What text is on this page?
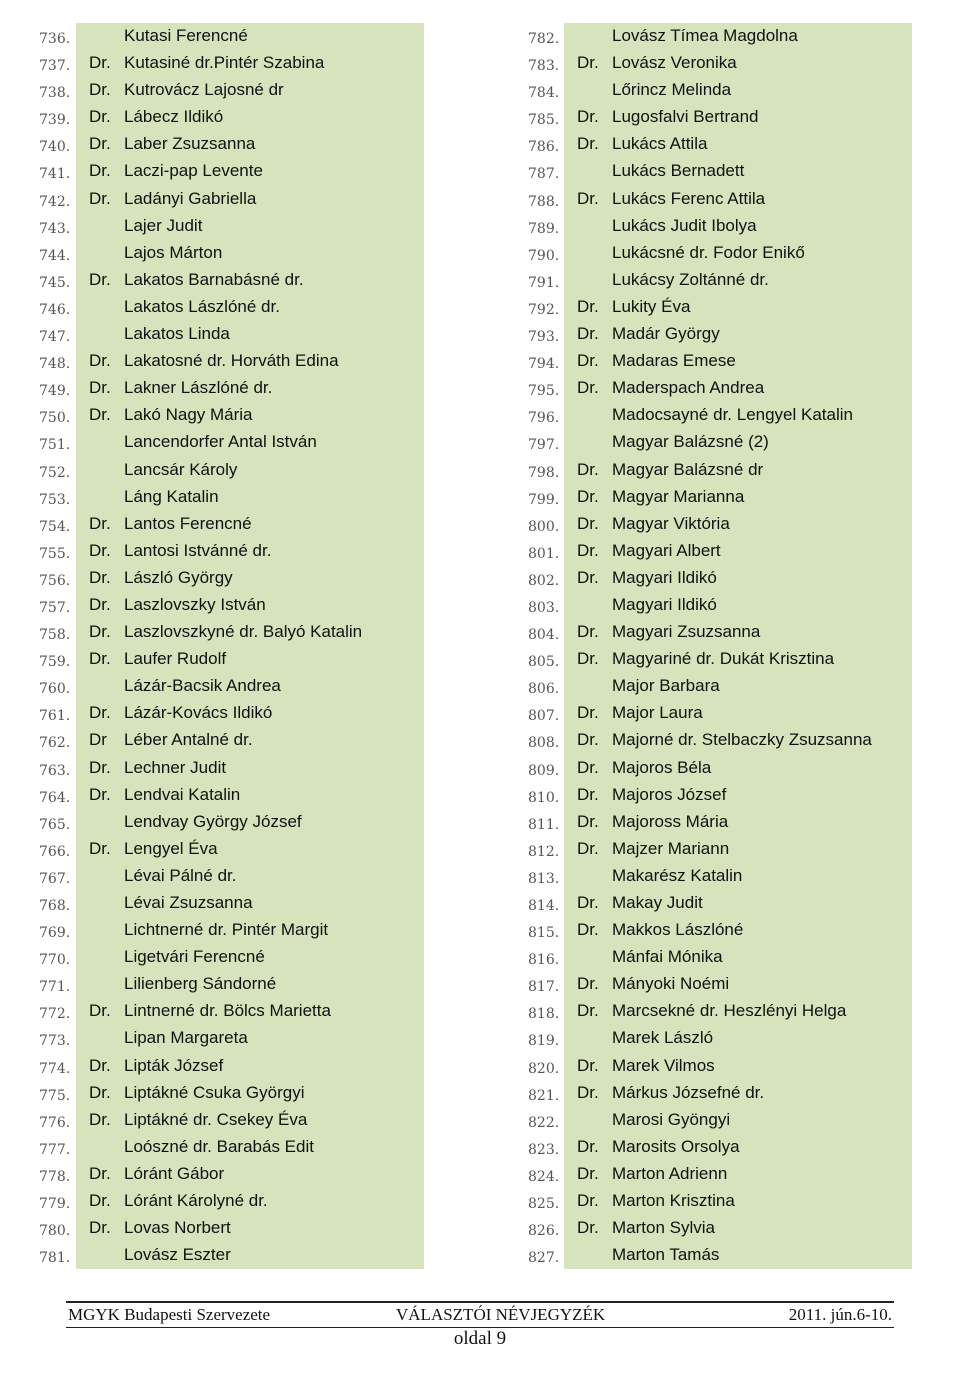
736.	Kutasi Ferencné
737. Dr. Kutasiné dr.Pintér Szabina
738. Dr. Kutrovácz Lajosné dr
739. Dr. Lábecz Ildikó
740. Dr. Laber Zsuzsanna
741. Dr. Laczi-pap Levente
742. Dr. Ladányi Gabriella
743.	Lajer Judit
744.	Lajos Márton
745. Dr. Lakatos Barnabásné dr.
746.	Lakatos Lászlóné dr.
747.	Lakatos Linda
748. Dr. Lakatosné dr. Horváth Edina
749. Dr. Lakner Lászlóné dr.
750. Dr. Lakó Nagy Mária
751.	Lancendorfer Antal István
752.	Lancsár Károly
753.	Láng Katalin
754. Dr. Lantos Ferencné
755. Dr. Lantosi Istvánné dr.
756. Dr. László György
757. Dr. Laszlovszky István
758. Dr. Laszlovszkyné dr. Balyó Katalin
759. Dr. Laufer Rudolf
760.	Lázár-Bacsik Andrea
761. Dr. Lázár-Kovács Ildikó
762. Dr Léber Antalné dr.
763. Dr. Lechner Judit
764. Dr. Lendvai Katalin
765.	Lendvay György József
766. Dr. Lengyel Éva
767.	Lévai Pálné dr.
768.	Lévai Zsuzsanna
769.	Lichtnerné dr. Pintér Margit
770.	Ligetvári Ferencné
771.	Lilienberg Sándorné
772. Dr. Lintnerné dr. Bölcs Marietta
773.	Lipan Margareta
774. Dr. Lipták József
775. Dr. Liptákné Csuka Györgyi
776. Dr. Liptákné dr. Csekey Éva
777.	Loószné dr. Barabás Edit
778. Dr. Lóránt Gábor
779. Dr. Lóránt Károlyné dr.
780. Dr. Lovas Norbert
781.	Lovász Eszter
782.	Lovász Tímea Magdolna
783. Dr. Lovász Veronika
784.	Lőrincz Melinda
785. Dr. Lugosfalvi Bertrand
786. Dr. Lukács Attila
787.	Lukács Bernadett
788. Dr. Lukács Ferenc Attila
789.	Lukács Judit Ibolya
790.	Lukácsné dr. Fodor Enikő
791.	Lukácsy Zoltánné dr.
792. Dr. Lukity Éva
793. Dr. Madár György
794. Dr. Madaras Emese
795. Dr. Maderspach Andrea
796.	Madocsayné dr. Lengyel Katalin
797.	Magyar Balázsné (2)
798. Dr. Magyar Balázsné dr
799. Dr. Magyar Marianna
800. Dr. Magyar Viktória
801. Dr. Magyari Albert
802. Dr. Magyari Ildikó
803.	Magyari Ildikó
804. Dr. Magyari Zsuzsanna
805. Dr. Magyariné dr. Dukát Krisztina
806.	Major Barbara
807. Dr. Major Laura
808. Dr. Majorné dr. Stelbaczky Zsuzsanna
809. Dr. Majoros Béla
810. Dr. Majoros József
811. Dr. Majoross Mária
812. Dr. Majzer Mariann
813.	Makarész Katalin
814. Dr. Makay Judit
815. Dr. Makkos Lászlóné
816.	Mánfai Mónika
817. Dr. Mányoki Noémi
818. Dr. Marcsekné dr. Heszlényi Helga
819.	Marek László
820. Dr. Marek Vilmos
821. Dr. Márkus Józsefné dr.
822.	Marosi Gyöngyi
823. Dr. Marosits Orsolya
824. Dr. Marton Adrienn
825. Dr. Marton Krisztina
826. Dr. Marton Sylvia
827.	Marton Tamás
MGYK Budapesti Szervezete	VÁLASZTÓI NÉVJEGYZÉK	2011. jún.6-10.
oldal 9
